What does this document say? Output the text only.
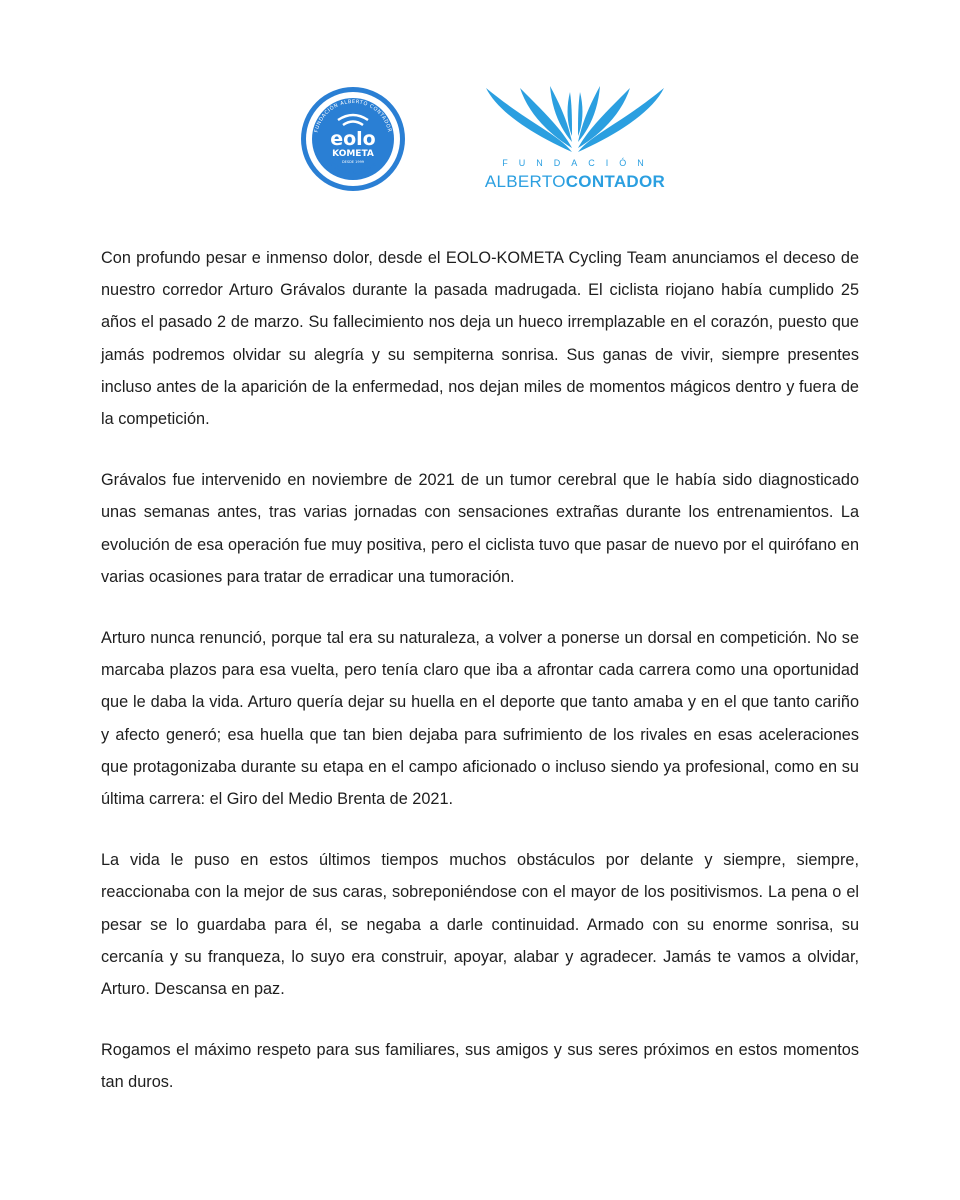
FUNDACIÓN ALBERTO CONTADOR
eolo
KOMETA
DESDE 1999
CYCLING TEAM	FUNDACIÓN
ALBERTOCONTADOR

Con profundo pesar e inmenso dolor, desde el EOLO-KOMETA Cycling Team anunciamos el deceso de nuestro corredor Arturo Grávalos durante la pasada madrugada. El ciclista riojano había cumplido 25 años el pasado 2 de marzo. Su fallecimiento nos deja un hueco irremplazable en el corazón, puesto que jamás podremos olvidar su alegría y su sempiterna sonrisa. Sus ganas de vivir, siempre presentes incluso antes de la aparición de la enfermedad, nos dejan miles de momentos mágicos dentro y fuera de la competición.

Grávalos fue intervenido en noviembre de 2021 de un tumor cerebral que le había sido diagnosticado unas semanas antes, tras varias jornadas con sensaciones extrañas durante los entrenamientos. La evolución de esa operación fue muy positiva, pero el ciclista tuvo que pasar de nuevo por el quirófano en varias ocasiones para tratar de erradicar una tumoración.

Arturo nunca renunció, porque tal era su naturaleza, a volver a ponerse un dorsal en competición. No se marcaba plazos para esa vuelta, pero tenía claro que iba a afrontar cada carrera como una oportunidad que le daba la vida. Arturo quería dejar su huella en el deporte que tanto amaba y en el que tanto cariño y afecto generó; esa huella que tan bien dejaba para sufrimiento de los rivales en esas aceleraciones que protagonizaba durante su etapa en el campo aficionado o incluso siendo ya profesional, como en su última carrera: el Giro del Medio Brenta de 2021.

La vida le puso en estos últimos tiempos muchos obstáculos por delante y siempre, siempre, reaccionaba con la mejor de sus caras, sobreponiéndose con el mayor de los positivismos. La pena o el pesar se lo guardaba para él, se negaba a darle continuidad. Armado con su enorme sonrisa, su cercanía y su franqueza, lo suyo era construir, apoyar, alabar y agradecer. Jamás te vamos a olvidar, Arturo. Descansa en paz.

Rogamos el máximo respeto para sus familiares, sus amigos y sus seres próximos en estos momentos tan duros.
